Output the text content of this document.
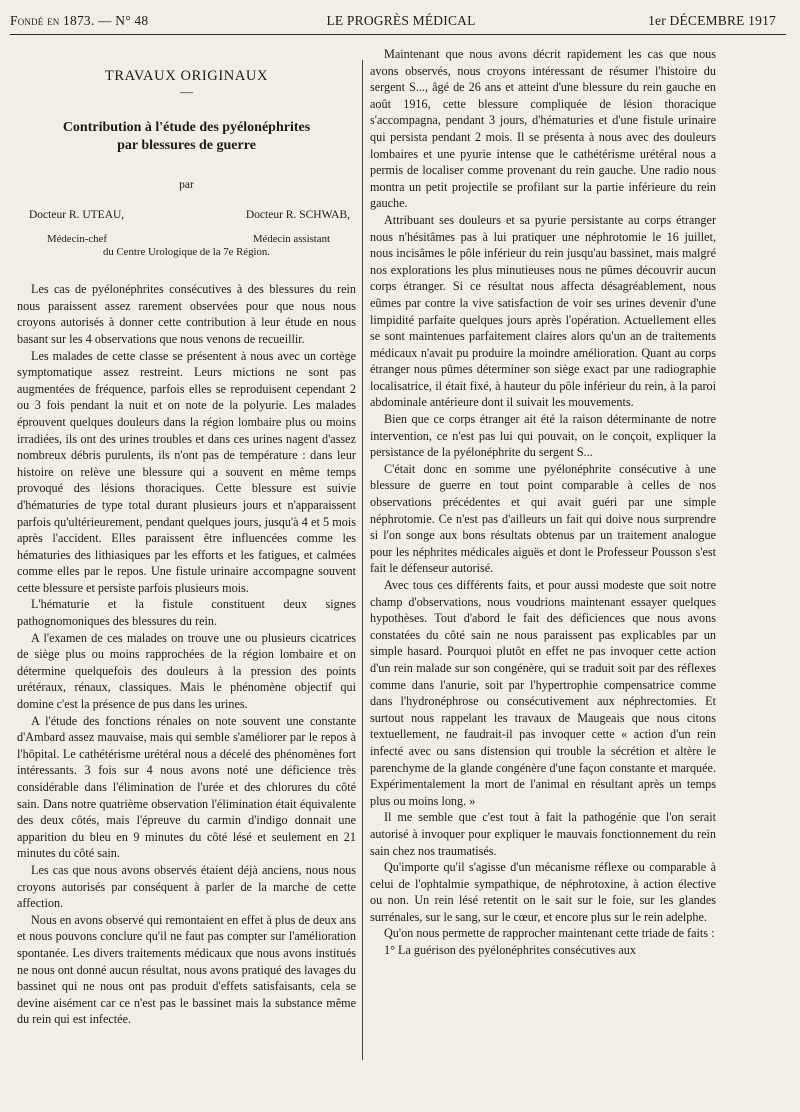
Fondé en 1873. — N° 48	LE PROGRÈS MÉDICAL	1er DÉCEMBRE 1917
TRAVAUX ORIGINAUX
—
Contribution à l'étude des pyélonéphrites
par blessures de guerre
par
Docteur R. UTEAU,	Docteur R. SCHWAB,
Médecin-chef	Médecin assistant
du Centre Urologique de la 7e Région.

Les cas de pyélonéphrites consécutives à des blessures du rein nous paraissent assez rarement observées pour que nous nous croyons autorisés à donner cette contribution à leur étude en nous basant sur les 4 observations que nous venons de recueillir.

Les malades de cette classe se présentent à nous avec un cortège symptomatique assez restreint. Leurs mictions ne sont pas augmentées de fréquence, parfois elles se reproduisent cependant 2 ou 3 fois pendant la nuit et on note de la polyurie. Les malades éprouvent quelques douleurs dans la région lombaire plus ou moins irradiées, ils ont des urines troubles et dans ces urines nagent d'assez nombreux débris purulents, ils n'ont pas de température : dans leur histoire on relève une blessure qui a souvent en même temps provoqué des lésions thoraciques. Cette blessure est suivie d'hématuries de type total durant plusieurs jours et n'apparaissent parfois qu'ultérieurement, pendant quelques jours, jusqu'à 4 et 5 mois après l'accident. Elles paraissent être influencées comme les hématuries des lithiasiques par les efforts et les fatigues, et calmées comme elles par le repos. Une fistule urinaire accompagne souvent cette blessure et persiste parfois plusieurs mois.

L'hématurie et la fistule constituent deux signes pathognomoniques des blessures du rein.

A l'examen de ces malades on trouve une ou plusieurs cicatrices de siège plus ou moins rapprochées de la région lombaire et on détermine quelquefois des douleurs à la pression des points urétéraux, rénaux, classiques. Mais le phénomène objectif qui domine c'est la présence de pus dans les urines.

A l'étude des fonctions rénales on note souvent une constante d'Ambard assez mauvaise, mais qui semble s'améliorer par le repos à l'hôpital. Le cathétérisme urétéral nous a décelé des phénomènes fort intéressants. 3 fois sur 4 nous avons noté une déficience très considérable dans l'élimination de l'urée et des chlorures du côté sain. Dans notre quatrième observation l'élimination était équivalente des deux côtés, mais l'épreuve du carmin d'indigo donnait une apparition du bleu en 9 minutes du côté lésé et seulement en 21 minutes du côté sain.

Les cas que nous avons observés étaient déjà anciens, nous nous croyons autorisés par conséquent à parler de la marche de cette affection.

Nous en avons observé qui remontaient en effet à plus de deux ans et nous pouvons conclure qu'il ne faut pas compter sur l'amélioration spontanée. Les divers traitements médicaux que nous avons institués ne nous ont donné aucun résultat, nous avons pratiqué des lavages du bassinet qui ne nous ont pas produit d'effets satisfaisants, cela se devine aisément car ce n'est pas le bassinet mais la substance même du rein qui est infectée.

Maintenant que nous avons décrit rapidement les cas que nous avons observés, nous croyons intéressant de résumer l'histoire du sergent S..., âgé de 26 ans et atteint d'une blessure du rein gauche en août 1916, cette blessure compliquée de lésion thoracique s'accompagna, pendant 3 jours, d'hématuries et d'une fistule urinaire qui persista pendant 2 mois. Il se présenta à nous avec des douleurs lombaires et une pyurie intense que le cathétérisme urétéral nous a permis de localiser comme provenant du rein gauche. Une radio nous montra un petit projectile se profilant sur la partie inférieure du rein gauche.

Attribuant ses douleurs et sa pyurie persistante au corps étranger nous n'hésitâmes pas à lui pratiquer une néphrotomie le 16 juillet, nous incisâmes le pôle inférieur du rein jusqu'au bassinet, mais malgré nos explorations les plus minutieuses nous ne pûmes découvrir aucun corps étranger. Si ce résultat nous affecta désagréablement, nous eûmes par contre la vive satisfaction de voir ses urines devenir d'une limpidité parfaite quelques jours après l'opération. Actuellement elles se sont maintenues parfaitement claires alors qu'un an de traitements médicaux n'avait pu produire la moindre amélioration. Quant au corps étranger nous pûmes déterminer son siège exact par une radiographie localisatrice, il était fixé, à hauteur du pôle inférieur du rein, à la paroi abdominale antérieure dont il suivait les mouvements.

Bien que ce corps étranger ait été la raison déterminante de notre intervention, ce n'est pas lui qui pouvait, on le conçoit, expliquer la persistance de la pyélonéphrite du sergent S...

C'était donc en somme une pyélonéphrite consécutive à une blessure de guerre en tout point comparable à celles de nos observations précédentes et qui avait guéri par une simple néphrotomie. Ce n'est pas d'ailleurs un fait qui doive nous surprendre si l'on songe aux bons résultats obtenus par un traitement analogue pour les néphrites médicales aiguës et dont le Professeur Pousson s'est fait le défenseur autorisé.

Avec tous ces différents faits, et pour aussi modeste que soit notre champ d'observations, nous voudrions maintenant essayer quelques hypothèses. Tout d'abord le fait des déficiences que nous avons constatées du côté sain ne nous paraissent pas explicables par un simple hasard. Pourquoi plutôt en effet ne pas invoquer cette action d'un rein malade sur son congénère, qui se traduit soit par des réflexes comme dans l'anurie, soit par l'hypertrophie compensatrice comme dans l'hydronéphrose ou consécutivement aux néphrectomies. Et surtout nous rappelant les travaux de Maugeais que nous citons textuellement, ne faudrait-il pas invoquer cette « action d'un rein infecté avec ou sans distension qui trouble la sécrétion et altère le parenchyme de la glande congénère d'une façon constante et marquée. Expérimentalement la mort de l'animal en résultant après un temps plus ou moins long. »

Il me semble que c'est tout à fait la pathogénie que l'on serait autorisé à invoquer pour expliquer le mauvais fonctionnement du rein sain chez nos traumatisés.

Qu'importe qu'il s'agisse d'un mécanisme réflexe ou comparable à celui de l'ophtalmie sympathique, de néphrotoxine, à action élective ou non. Un rein lésé retentit on le sait sur le foie, sur les glandes surrénales, sur le sang, sur le cœur, et encore plus sur le rein adelphe.

Qu'on nous permette de rapprocher maintenant cette triade de faits :

1° La guérison des pyélonéphrites consécutives aux
